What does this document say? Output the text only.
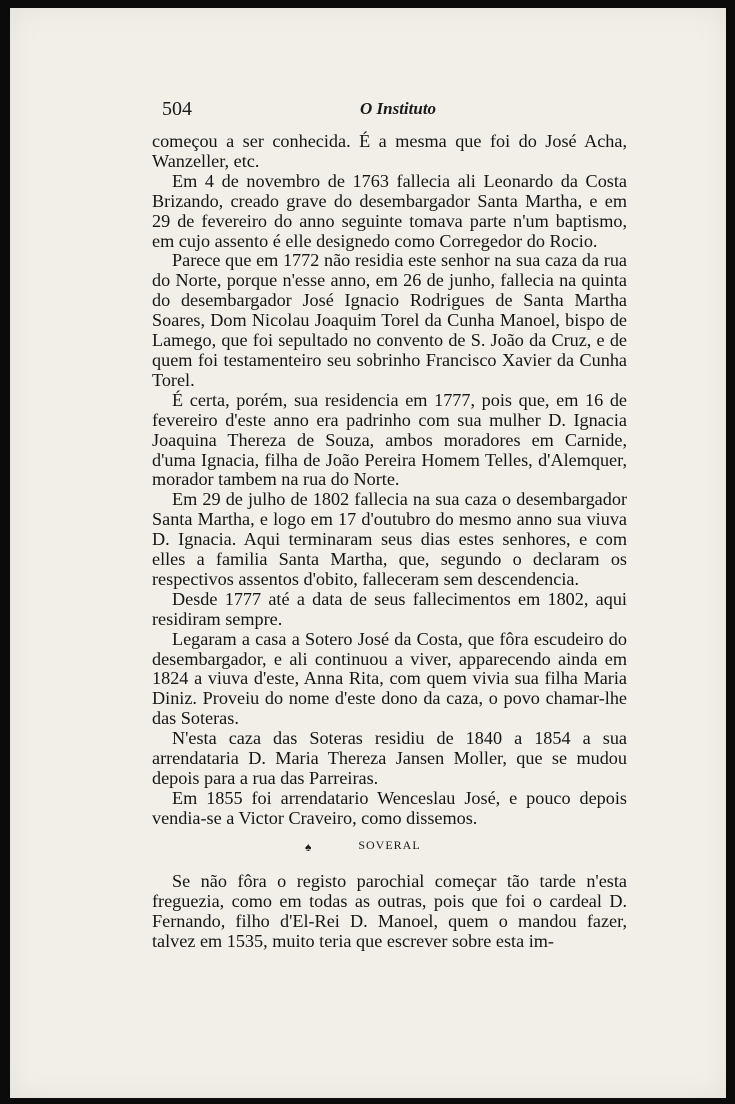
504	O Instituto

começou a ser conhecida. É a mesma que foi do José Acha, Wanzeller, etc.

Em 4 de novembro de 1763 fallecia ali Leonardo da Costa Brizando, creado grave do desembargador Santa Martha, e em 29 de fevereiro do anno seguinte tomava parte n'um baptismo, em cujo assento é elle designedo como Corregedor do Rocio.

Parece que em 1772 não residia este senhor na sua caza da rua do Norte, porque n'esse anno, em 26 de junho, fallecia na quinta do desembargador José Ignacio Rodrigues de Santa Martha Soares, Dom Nicolau Joaquim Torel da Cunha Manoel, bispo de Lamego, que foi sepultado no convento de S. João da Cruz, e de quem foi testamenteiro seu sobrinho Francisco Xavier da Cunha Torel.

É certa, porém, sua residencia em 1777, pois que, em 16 de fevereiro d'este anno era padrinho com sua mulher D. Ignacia Joaquina Thereza de Souza, ambos moradores em Carnide, d'uma Ignacia, filha de João Pereira Homem Telles, d'Alemquer, morador tambem na rua do Norte.

Em 29 de julho de 1802 fallecia na sua caza o desembargador Santa Martha, e logo em 17 d'outubro do mesmo anno sua viuva D. Ignacia. Aqui terminaram seus dias estes senhores, e com elles a familia Santa Martha, que, segundo o declaram os respectivos assentos d'obito, falleceram sem descendencia.

Desde 1777 até a data de seus fallecimentos em 1802, aqui residiram sempre.

Legaram a casa a Sotero José da Costa, que fôra escudeiro do desembargador, e ali continuou a viver, apparecendo ainda em 1824 a viuva d'este, Anna Rita, com quem vivia sua filha Maria Diniz. Proveiu do nome d'este dono da caza, o povo chamar-lhe das Soteras.

N'esta caza das Soteras residiu de 1840 a 1854 a sua arrendataria D. Maria Thereza Jansen Moller, que se mudou depois para a rua das Parreiras.

Em 1855 foi arrendatario Wenceslau José, e pouco depois vendia-se a Victor Craveiro, como dissemos.

♠	SOVERAL

Se não fôra o registo parochial começar tão tarde n'esta freguezia, como em todas as outras, pois que foi o cardeal D. Fernando, filho d'El-Rei D. Manoel, quem o mandou fazer, talvez em 1535, muito teria que escrever sobre esta im-
